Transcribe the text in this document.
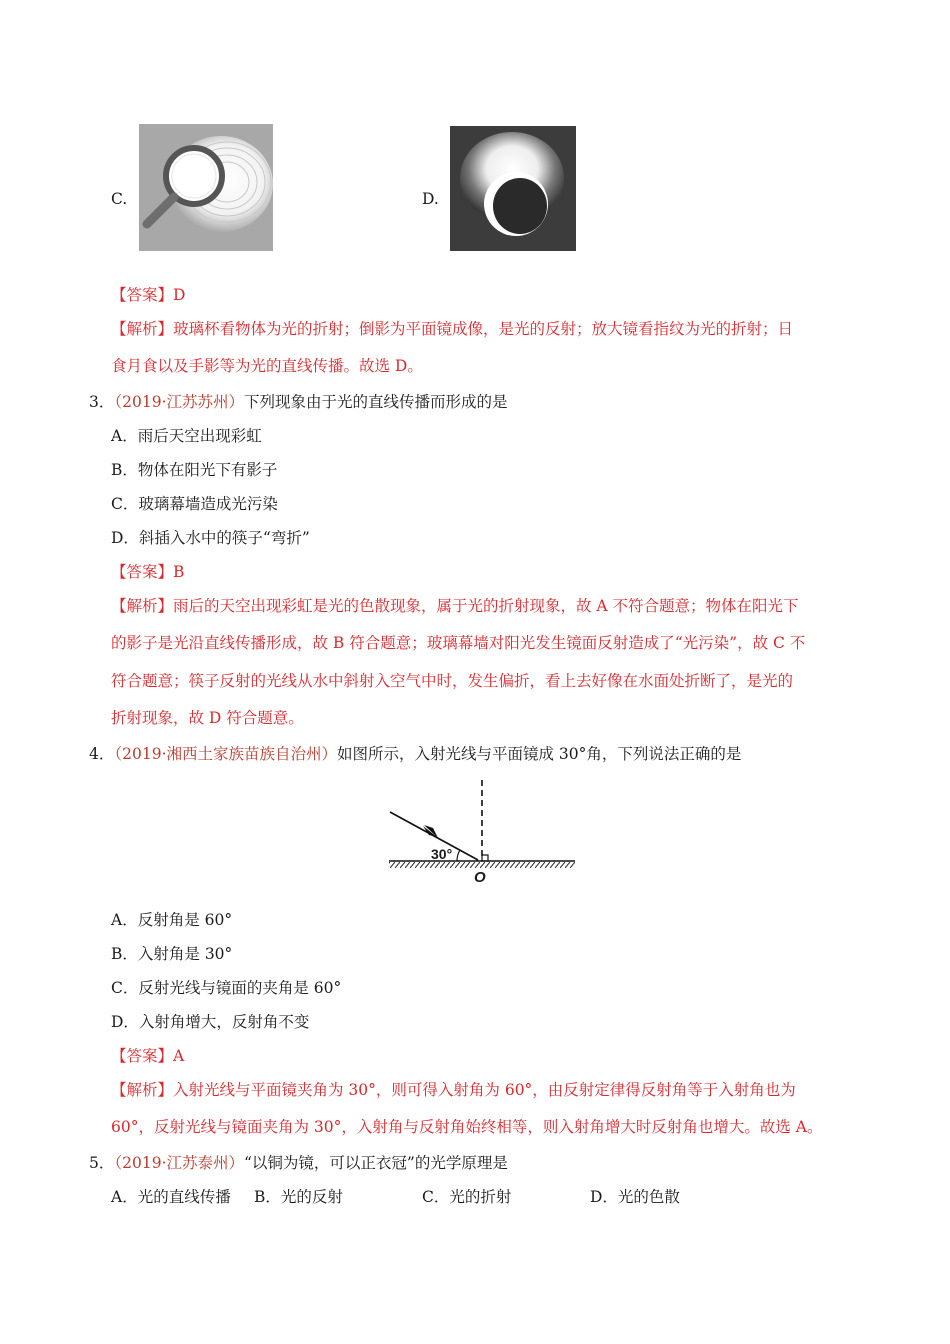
C.	D.
【答案】D
【解析】玻璃杯看物体为光的折射；倒影为平面镜成像，是光的反射；放大镜看指纹为光的折射；日
食月食以及手影等为光的直线传播。故选 D。
3．（2019·江苏苏州）下列现象由于光的直线传播而形成的是
A．雨后天空出现彩虹
B．物体在阳光下有影子
C．玻璃幕墙造成光污染
D．斜插入水中的筷子“弯折”
【答案】B
【解析】雨后的天空出现彩虹是光的色散现象，属于光的折射现象，故 A 不符合题意；物体在阳光下
的影子是光沿直线传播形成，故 B 符合题意；玻璃幕墙对阳光发生镜面反射造成了“光污染”，故 C 不
符合题意；筷子反射的光线从水中斜射入空气中时，发生偏折，看上去好像在水面处折断了，是光的
折射现象，故 D 符合题意。
4．（2019·湘西土家族苗族自治州）如图所示，入射光线与平面镜成 30°角，下列说法正确的是
30°
O
A．反射角是 60°
B．入射角是 30°
C．反射光线与镜面的夹角是 60°
D．入射角增大，反射角不变
【答案】A
【解析】入射光线与平面镜夹角为 30°，则可得入射角为 60°，由反射定律得反射角等于入射角也为
60°，反射光线与镜面夹角为 30°，入射角与反射角始终相等，则入射角增大时反射角也增大。故选 A。
5．（2019·江苏泰州）“以铜为镜，可以正衣冠”的光学原理是
A．光的直线传播 B．光的反射	C．光的折射	D．光的色散
